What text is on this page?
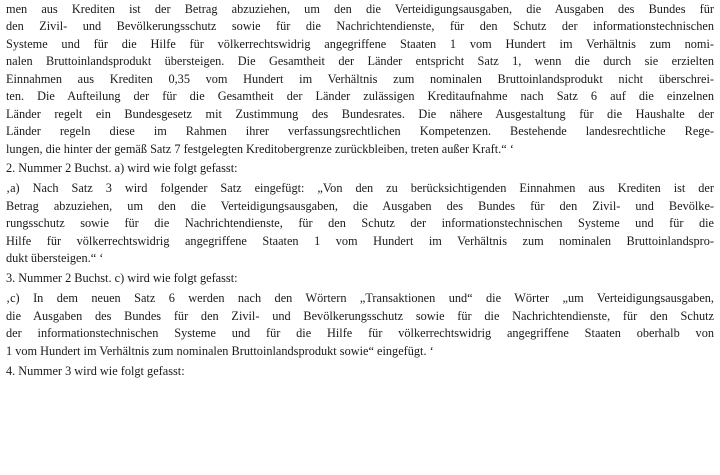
men aus Krediten ist der Betrag abzuziehen, um den die Verteidigungsausgaben, die Ausgaben des Bundes für
den Zivil- und Bevölkerungsschutz sowie für die Nachrichtendienste, für den Schutz der informationstechnischen
Systeme und für die Hilfe für völkerrechtswidrig angegriffene Staaten 1 vom Hundert im Verhältnis zum nomi-
nalen Bruttoinlandsprodukt übersteigen. Die Gesamtheit der Länder entspricht Satz 1, wenn die durch sie erzielten
Einnahmen aus Krediten 0,35 vom Hundert im Verhältnis zum nominalen Bruttoinlandsprodukt nicht überschrei-
ten. Die Aufteilung der für die Gesamtheit der Länder zulässigen Kreditaufnahme nach Satz 6 auf die einzelnen
Länder regelt ein Bundesgesetz mit Zustimmung des Bundesrates. Die nähere Ausgestaltung für die Haushalte der
Länder regeln diese im Rahmen ihrer verfassungsrechtlichen Kompetenzen. Bestehende landesrechtliche Rege-
lungen, die hinter der gemäß Satz 7 festgelegten Kreditobergrenze zurückbleiben, treten außer Kraft.“ ‘
2. Nummer 2 Buchst. a) wird wie folgt gefasst:
‚a) Nach Satz 3 wird folgender Satz eingefügt: „Von den zu berücksichtigenden Einnahmen aus Krediten ist der
Betrag abzuziehen, um den die Verteidigungsausgaben, die Ausgaben des Bundes für den Zivil- und Bevölke-
rungsschutz sowie für die Nachrichtendienste, für den Schutz der informationstechnischen Systeme und für die
Hilfe für völkerrechtswidrig angegriffene Staaten 1 vom Hundert im Verhältnis zum nominalen Bruttoinlandspro-
dukt übersteigen.“ ‘
3. Nummer 2 Buchst. c) wird wie folgt gefasst:
‚c) In dem neuen Satz 6 werden nach den Wörtern „Transaktionen und“ die Wörter „um Verteidigungsausgaben,
die Ausgaben des Bundes für den Zivil- und Bevölkerungsschutz sowie für die Nachrichtendienste, für den Schutz
der informationstechnischen Systeme und für die Hilfe für völkerrechtswidrig angegriffene Staaten oberhalb von
1 vom Hundert im Verhältnis zum nominalen Bruttoinlandsprodukt sowie“ eingefügt. ‘
4. Nummer 3 wird wie folgt gefasst:
